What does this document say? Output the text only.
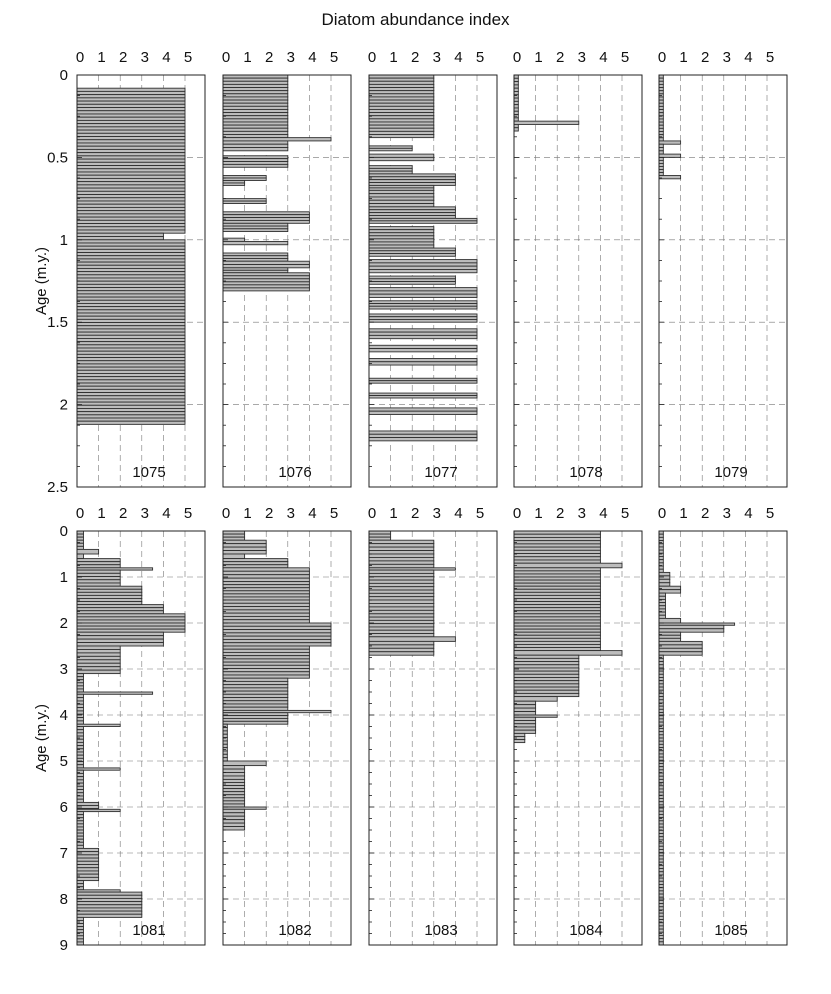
Diatom abundance index
0
0.5
1
1.5
2
2.5
Age (m.y.)
0 1 2 3 4 5
1075
0 1 2 3 4 5
1076
0 1 2 3 4 5
1077
0 1 2 3 4 5
1078
0 1 2 3 4 5
1079
0
1
2
3
4
5
6
7
8
9
Age (m.y.)
0 1 2 3 4 5
1081
0 1 2 3 4 5
1082
0 1 2 3 4 5
1083
0 1 2 3 4 5
1084
0 1 2 3 4 5
1085
